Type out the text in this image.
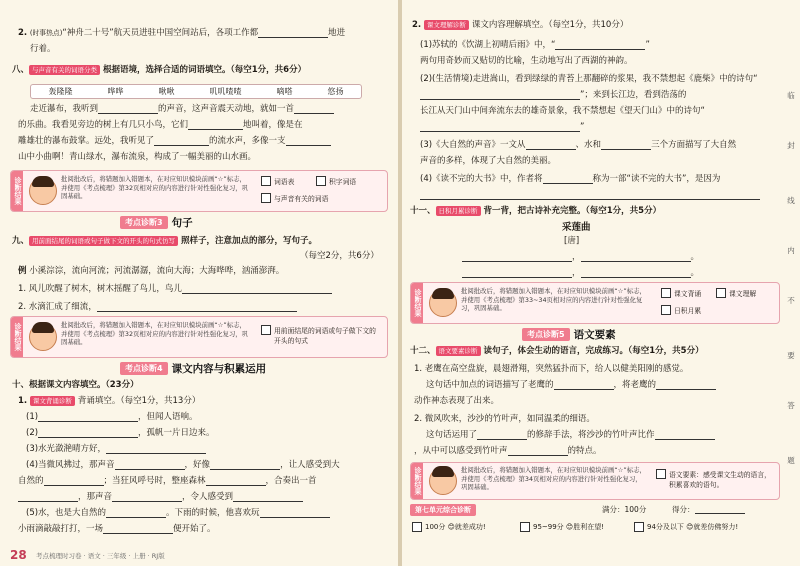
2. (时事热点)“神舟二十号”航天员进驻中国空间站后，各项工作都	地进
行着。
八、 与声音有关的词语分类 根据语境，选择合适的词语填空。（每空1分，共6分）
轰隆隆	哗哗	啾啾	叽叽喳喳	嘀嗒	悠扬
走近瀑布，我听到	的声音，这声音震天动地，就如一首
的乐曲。我看见旁边的树上有几只小鸟，它们	地叫着，像是在
雕雄壮的瀑布鼓掌。远处，我听见了	的流水声，多像一支
山中小曲啊！青山绿水，瀑布流泉，构成了一幅美丽的山水画。
诊断结果	批阅批改后，将错题加入错题本，在对应知识模块前画“☆”标志，并使用《考点梳理》第32页相对应的内容进行针对性强化复习，巩固基础。
词语表	积字词语
与声音有关的词语
考点诊断3 句子
九、 用前面结尾的词语或句子做下文的开头的句式仿写 照样子，注意加点的部分，写句子。
（每空2分，共6分）
例 小溪淙淙，流向河流；河流潺潺，流向大海；大海哗哗，汹涌澎湃。
1. 风儿吹醒了树木，树木摇醒了鸟儿，鸟儿
2. 水滴汇成了细流，
诊断结果	批阅批改后，将错题加入错题本，在对应知识模块前画“☆”标志，并使用《考点梳理》第32页相对应的内容进行针对性强化复习，巩固基础。
用前面结尾的词语或句子做下文的开头的句式
考点诊断4 课文内容与积累运用
十、根据课文内容填空。（23分）
1. 课文背诵诊断 背诵填空。（每空1分，共13分）
(1)	，但闻人语响。
(2)	，孤帆一片日边来。
(3)水光潋滟晴方好，
(4)当微风拂过，那声音	，好像	，让人感受到大
自然的	；当狂风呼号时，整座森林	，合奏出一首
，那声音	，令人感受到
(5)水，也是大自然的	。下雨的时候，他喜欢玩
小雨滴敲敲打打，一场	便开始了。
28 考点梳理时习卷 · 语文 · 三年级 · 上册 · RJ版
2. 课文理解诊断 课文内容理解填空。（每空1分，共10分）
(1)苏轼的《饮湖上初晴后雨》中，“	”
两句用奇妙而又贴切的比喻，生动地写出了西湖的神韵。
(2)(生活情境)走进嵩山，看到绿绿的青苔上那翻碎的浆果，我不禁想起《鹿柴》中的诗句“
”；来到长江边，看到浩荡的
长江从天门山中间奔流东去的雄奇景象，我不禁想起《望天门山》中的诗句“
”
(3)《大自然的声音》一文从	、水和	三个方面描写了大自然
声音的多样，体现了大自然的美丽。
(4)《读不完的大书》中，作者将	称为一部“读不完的大书”，是因为
十一、 日积月累诊断 背一背，把古诗补充完整。（每空1分，共5分）
采莲曲
[唐]
，	。
，	。
诊断结果	批阅批改后，将错题加入错题本，在对应知识模块前画“☆”标志，并使用《考点梳理》第33~34页相对应的内容进行针对性强化复习，巩固基础。
课文背诵	课文理解
日积月累
考点诊断5 语文要素
十二、 语文要素诊断 读句子，体会生动的语言，完成练习。（每空1分，共5分）
1. 老鹰在高空盘旋，晨翅滑翔，突然猛扑而下，给人以健美阳刚的感觉。
这句话中加点的词语描写了老鹰的	，将老鹰的
动作神态表现了出来。
2. 微风吹来，沙沙的竹叶声，如同温柔的细语。
这句话运用了	的修辞手法，将沙沙的竹叶声比作
，从中可以感受到竹叶声	的特点。
诊断结果	批阅批改后，将错题加入错题本，在对应知识模块前画“☆”标志，并使用《考点梳理》第34页相对应的内容进行针对性强化复习，巩固基础。
语文要素：感受课文生动的语言，积累喜欢的语句。
第七单元综合诊断	满分：100分	得分：
100分 😊就差成功!	95~99分 😊胜利在望!	94分及以下 😊就差仿佛努力!
临
封
线
内
不
要
答
题
